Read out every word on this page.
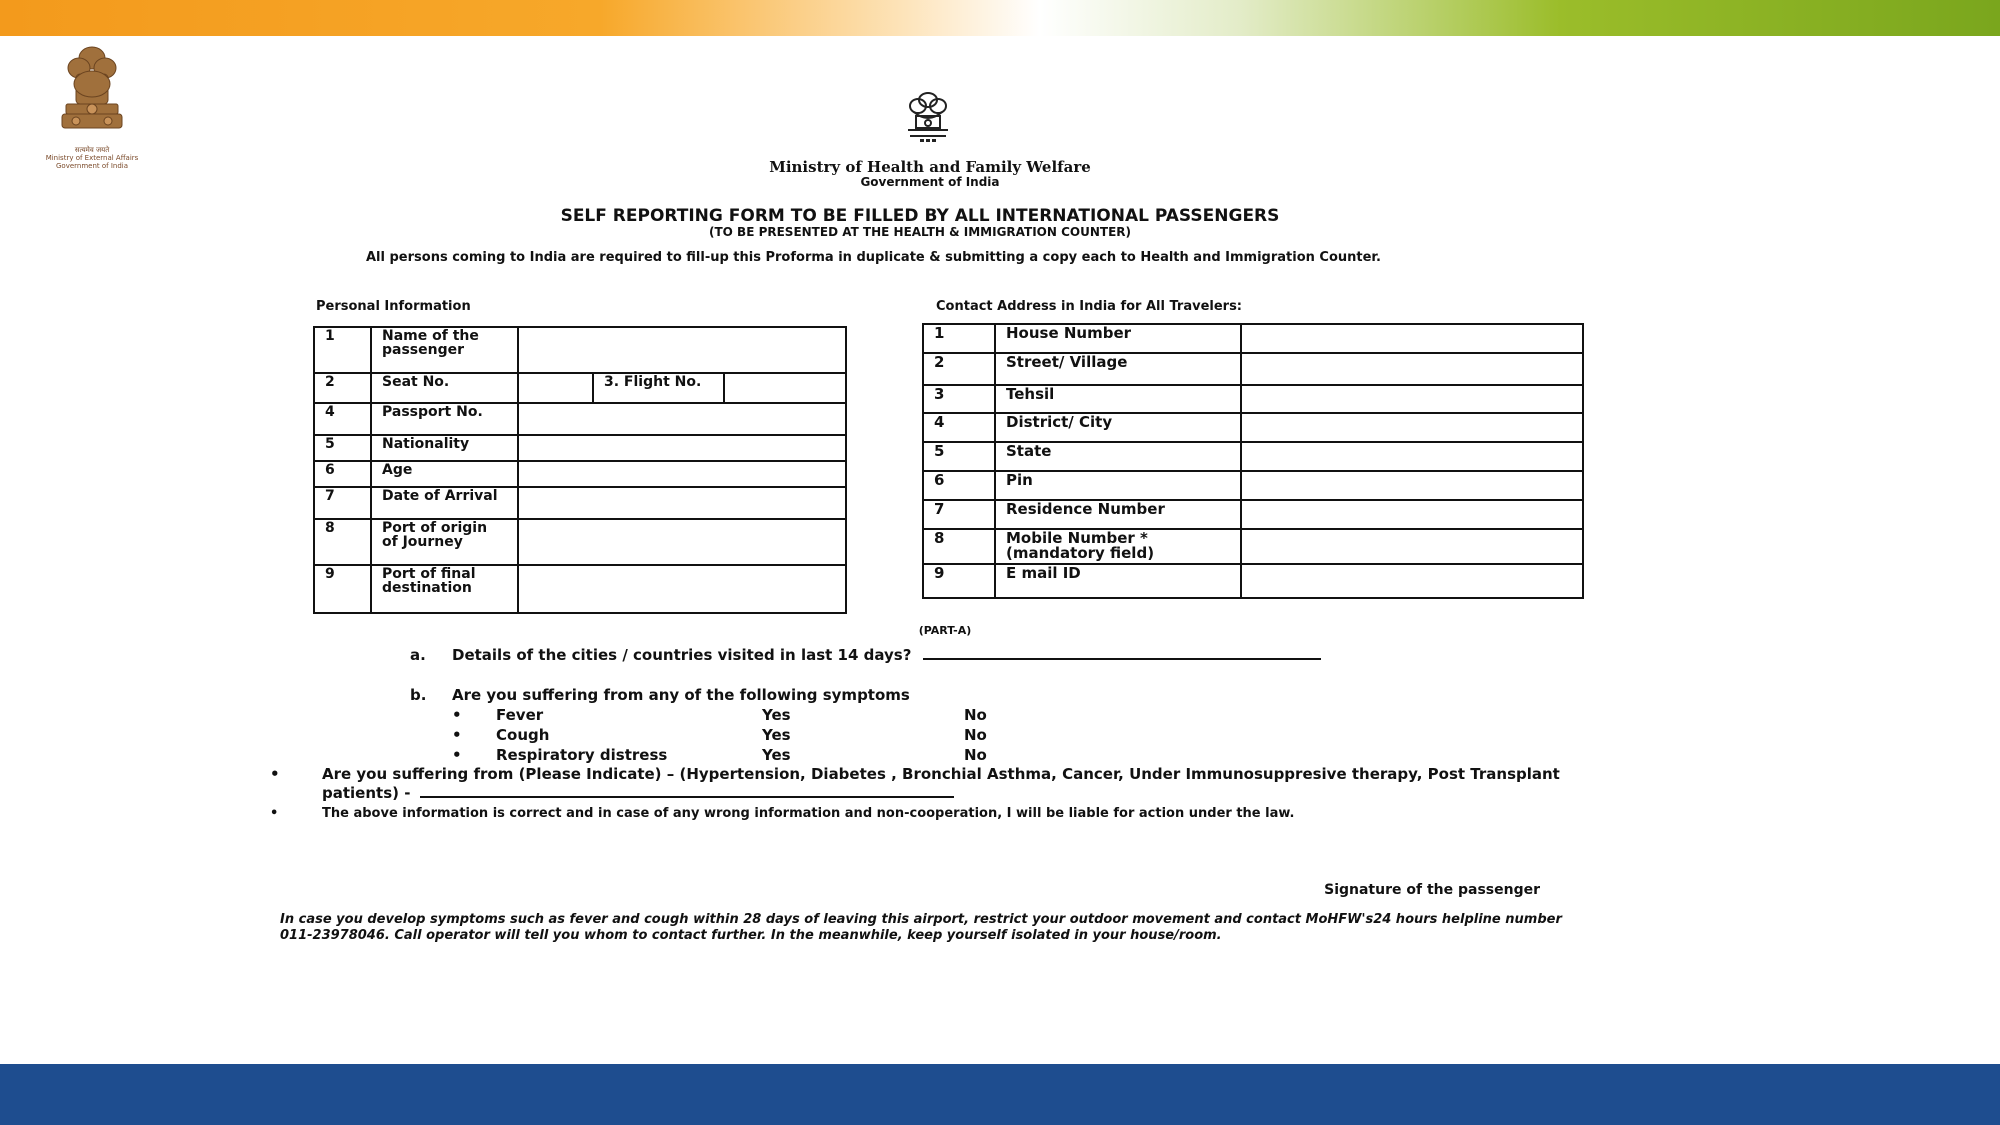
सत्यमेव जयते
Ministry of External Affairs
Government of India	Ministry of Health and Family Welfare
Government of India
SELF REPORTING FORM TO BE FILLED BY ALL INTERNATIONAL PASSENGERS
(TO BE PRESENTED AT THE HEALTH & IMMIGRATION COUNTER)
All persons coming to India are required to fill-up this Proforma in duplicate & submitting a copy each to Health and Immigration Counter.
Personal Information	Contact Address in India for All Travelers:
1	Name of the passenger			
2	Seat No.		3. Flight No.	
4	Passport No.			
5	Nationality			
6	Age			
7	Date of Arrival			
8	Port of origin of Journey			
9	Port of final destination			
1	House Number	
2	Street/ Village	
3	Tehsil	
4	District/ City	
5	State	
6	Pin	
7	Residence Number	
8	Mobile Number * (mandatory field)	
9	E mail ID	
(PART-A)
a. Details of the cities / countries visited in last 14 days?
b. Are you suffering from any of the following symptoms
• Fever	Yes	No
• Cough	Yes	No
• Respiratory distress	Yes	No
•	Are you suffering from (Please Indicate) – (Hypertension, Diabetes , Bronchial Asthma, Cancer, Under Immunosuppresive therapy, Post Transplant patients) -
•	The above information is correct and in case of any wrong information and non-cooperation, I will be liable for action under the law.
Signature of the passenger
In case you develop symptoms such as fever and cough within 28 days of leaving this airport, restrict your outdoor movement and contact MoHFW's24 hours helpline number 011-23978046. Call operator will tell you whom to contact further. In the meanwhile, keep yourself isolated in your house/room.
